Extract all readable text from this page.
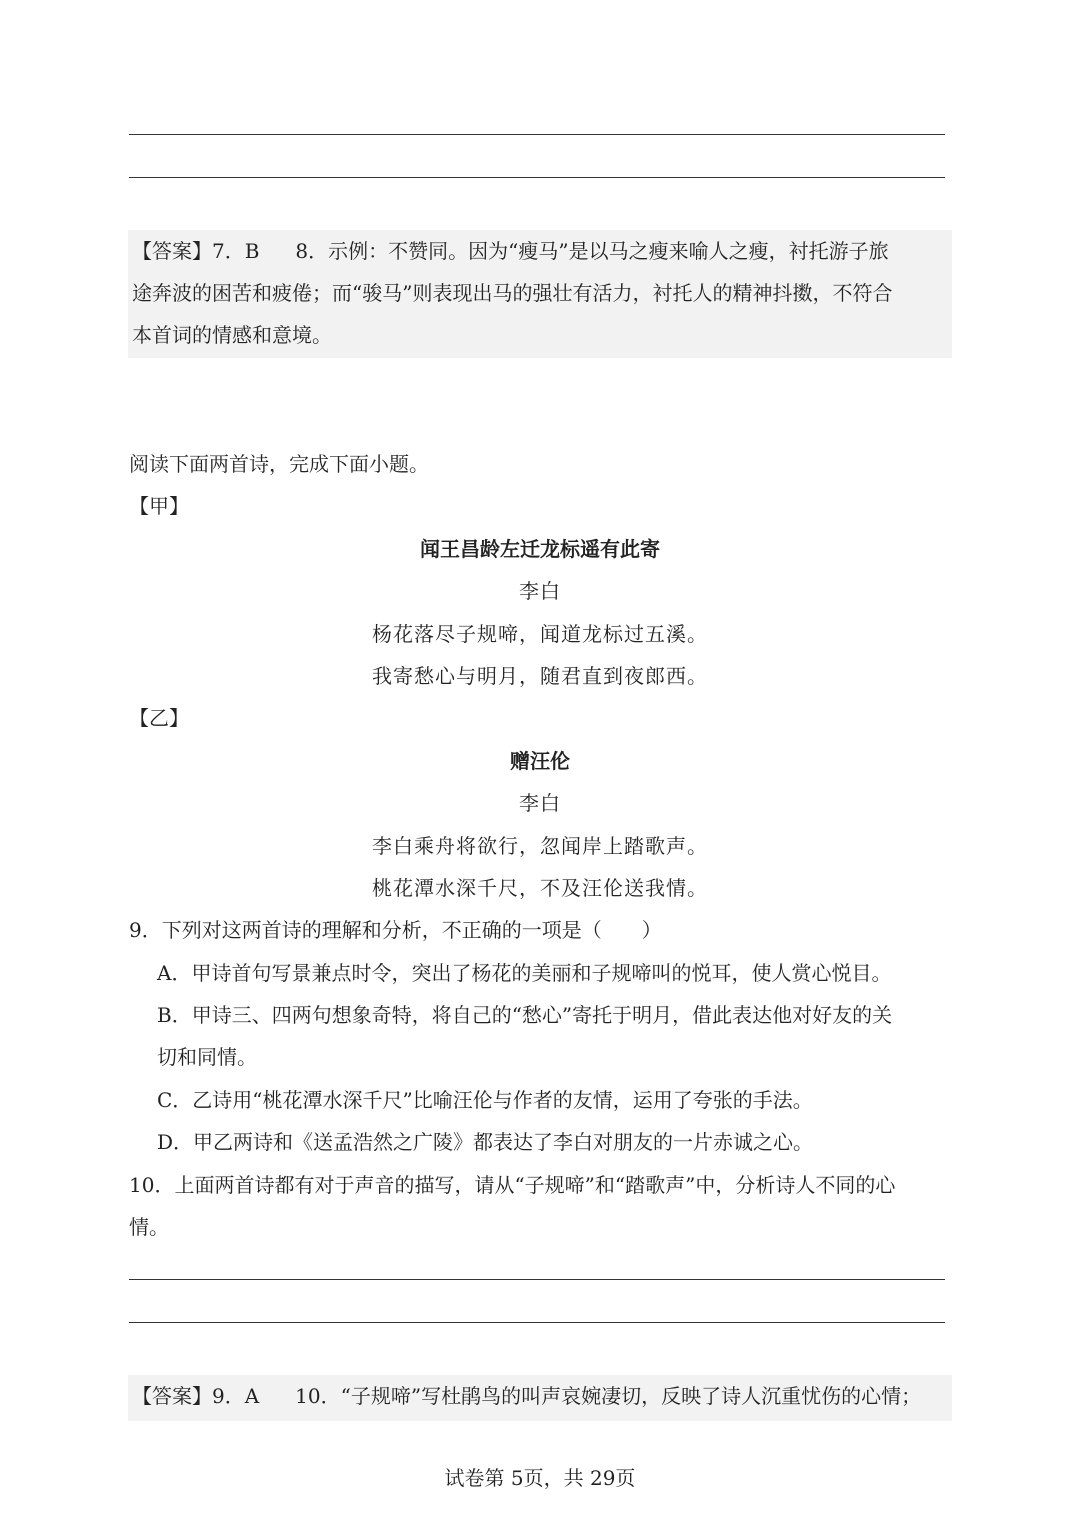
【答案】7．B 8．示例：不赞同。因为“瘦马”是以马之瘦来喻人之瘦，衬托游子旅
途奔波的困苦和疲倦；而“骏马”则表现出马的强壮有活力，衬托人的精神抖擞，不符合
本首词的情感和意境。
阅读下面两首诗，完成下面小题。
【甲】
闻王昌龄左迁龙标遥有此寄
李白
杨花落尽子规啼，闻道龙标过五溪。
我寄愁心与明月，随君直到夜郎西。
【乙】
赠汪伦
李白
李白乘舟将欲行，忽闻岸上踏歌声。
桃花潭水深千尺，不及汪伦送我情。
9．下列对这两首诗的理解和分析，不正确的一项是（　　）
A．甲诗首句写景兼点时令，突出了杨花的美丽和子规啼叫的悦耳，使人赏心悦目。
B．甲诗三、四两句想象奇特，将自己的“愁心”寄托于明月，借此表达他对好友的关
切和同情。
C．乙诗用“桃花潭水深千尺”比喻汪伦与作者的友情，运用了夸张的手法。
D．甲乙两诗和《送孟浩然之广陵》都表达了李白对朋友的一片赤诚之心。
10．上面两首诗都有对于声音的描写，请从“子规啼”和“踏歌声”中，分析诗人不同的心
情。
【答案】9．A 10．“子规啼”写杜鹃鸟的叫声哀婉凄切，反映了诗人沉重忧伤的心情；
试卷第 5页，共 29页
